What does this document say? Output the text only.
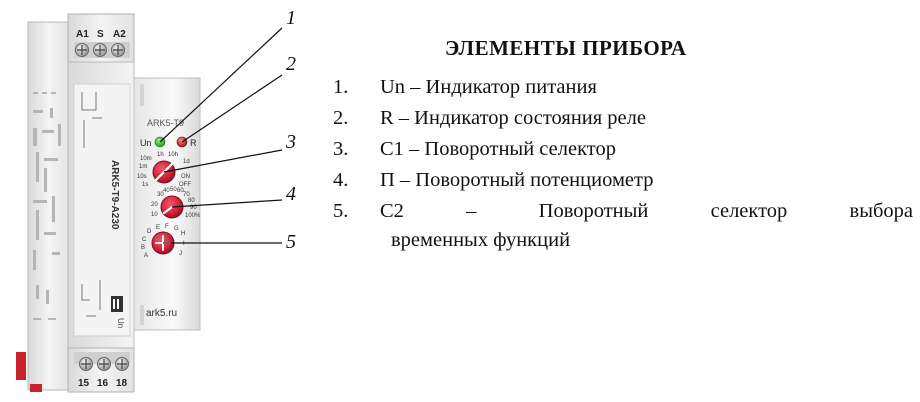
A1 S A2
15 16 18
ARK5-T9-A230
Un
ARK5-T9
Un	R
ark5.ru
10m
1h 10h
1m
1d
10s	ON
1s	OFF
30
40 50 60
70
80
20	90
10	100%
D
E F G
H
C
B
I
A	J
1
2
3
4
5
ЭЛЕМЕНТЫ ПРИБОРА
1.	Un – Индикатор питания
2.	R – Индикатор состояния реле
3.	C1 – Поворотный селектор
4.	П – Поворотный потенциометр
5.	C2 – Поворотный селектор выбора
временных функций
